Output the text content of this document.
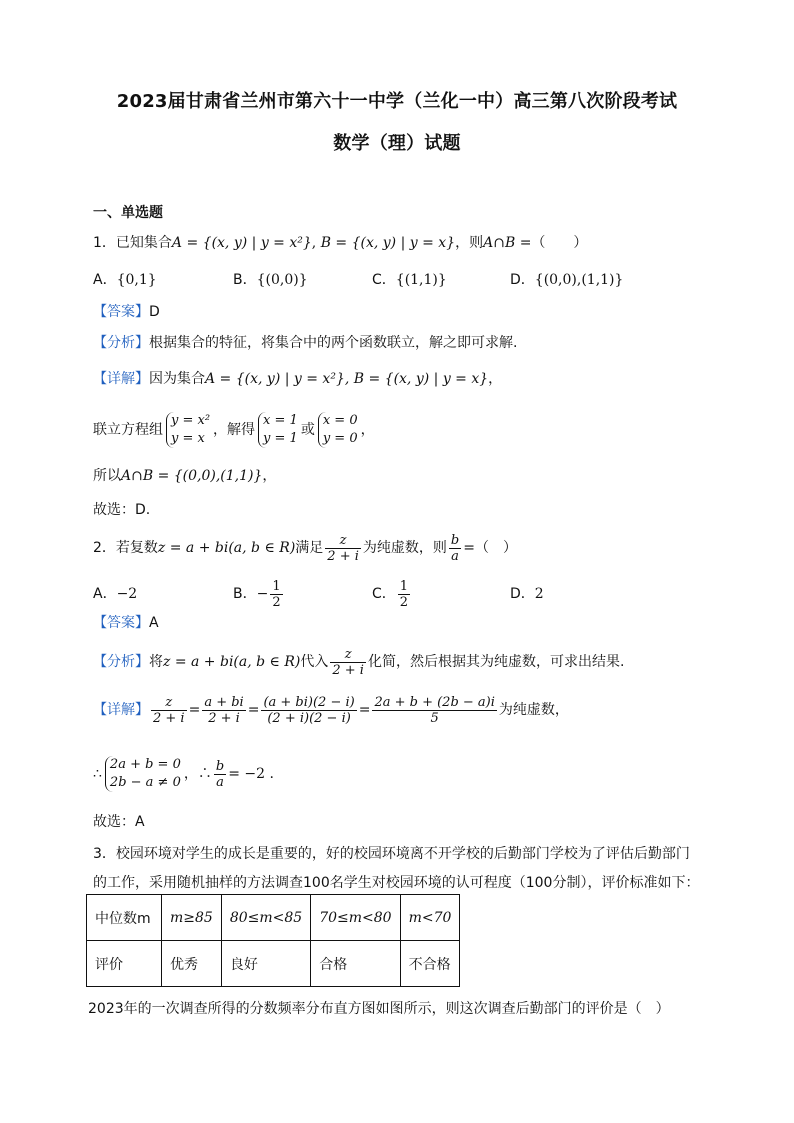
2023届甘肃省兰州市第六十一中学（兰化一中）高三第八次阶段考试
数学（理）试题
一、单选题
1．已知集合A = {(x, y) | y = x²}, B = {(x, y) | y = x}，则A∩B =（　　）
A．{0,1}	B．{(0,0)}	C．{(1,1)}	D．{(0,0),(1,1)}
【答案】D
【分析】根据集合的特征，将集合中的两个函数联立，解之即可求解.
【详解】因为集合A = {(x, y) | y = x²}, B = {(x, y) | y = x}，
联立方程组
y = x²
y = x
，解得
x = 1
y = 1
或
x = 0
y = 0
，
所以A∩B = {(0,0),(1,1)}，
故选：D.
2．若复数z = a + bi(a, b ∈ R)满足 $\frac{z}{2 + i}$ 为纯虚数，则 $\frac{b}{a}$ =（　）
A．−2	B．− $\frac{1}{2}$	C． $\frac{1}{2}$	D．2
【答案】A
【分析】将z = a + bi(a, b ∈ R)代入 $\frac{z}{2 + i}$ 化简，然后根据其为纯虚数，可求出结果.
【详解】 $\frac{z}{2 + i} = \frac{a + bi}{2 + i} = \frac{(a + bi)(2 - i)}{(2 + i)(2 - i)} = \frac{2a + b + (2b - a)i}{5}$ 为纯虚数，
∴
2a + b = 0
2b − a ≠ 0
，∴ $\frac{b}{a} = -2$ .
故选：A
3．校园环境对学生的成长是重要的，好的校园环境离不开学校的后勤部门学校为了评估后勤部门
的工作，采用随机抽样的方法调查100名学生对校园环境的认可程度（100分制），评价标准如下：
中位数m	m≥85	80≤m<85	70≤m<80	m<70
评价	优秀	良好	合格	不合格
2023年的一次调查所得的分数频率分布直方图如图所示，则这次调查后勤部门的评价是（　）
